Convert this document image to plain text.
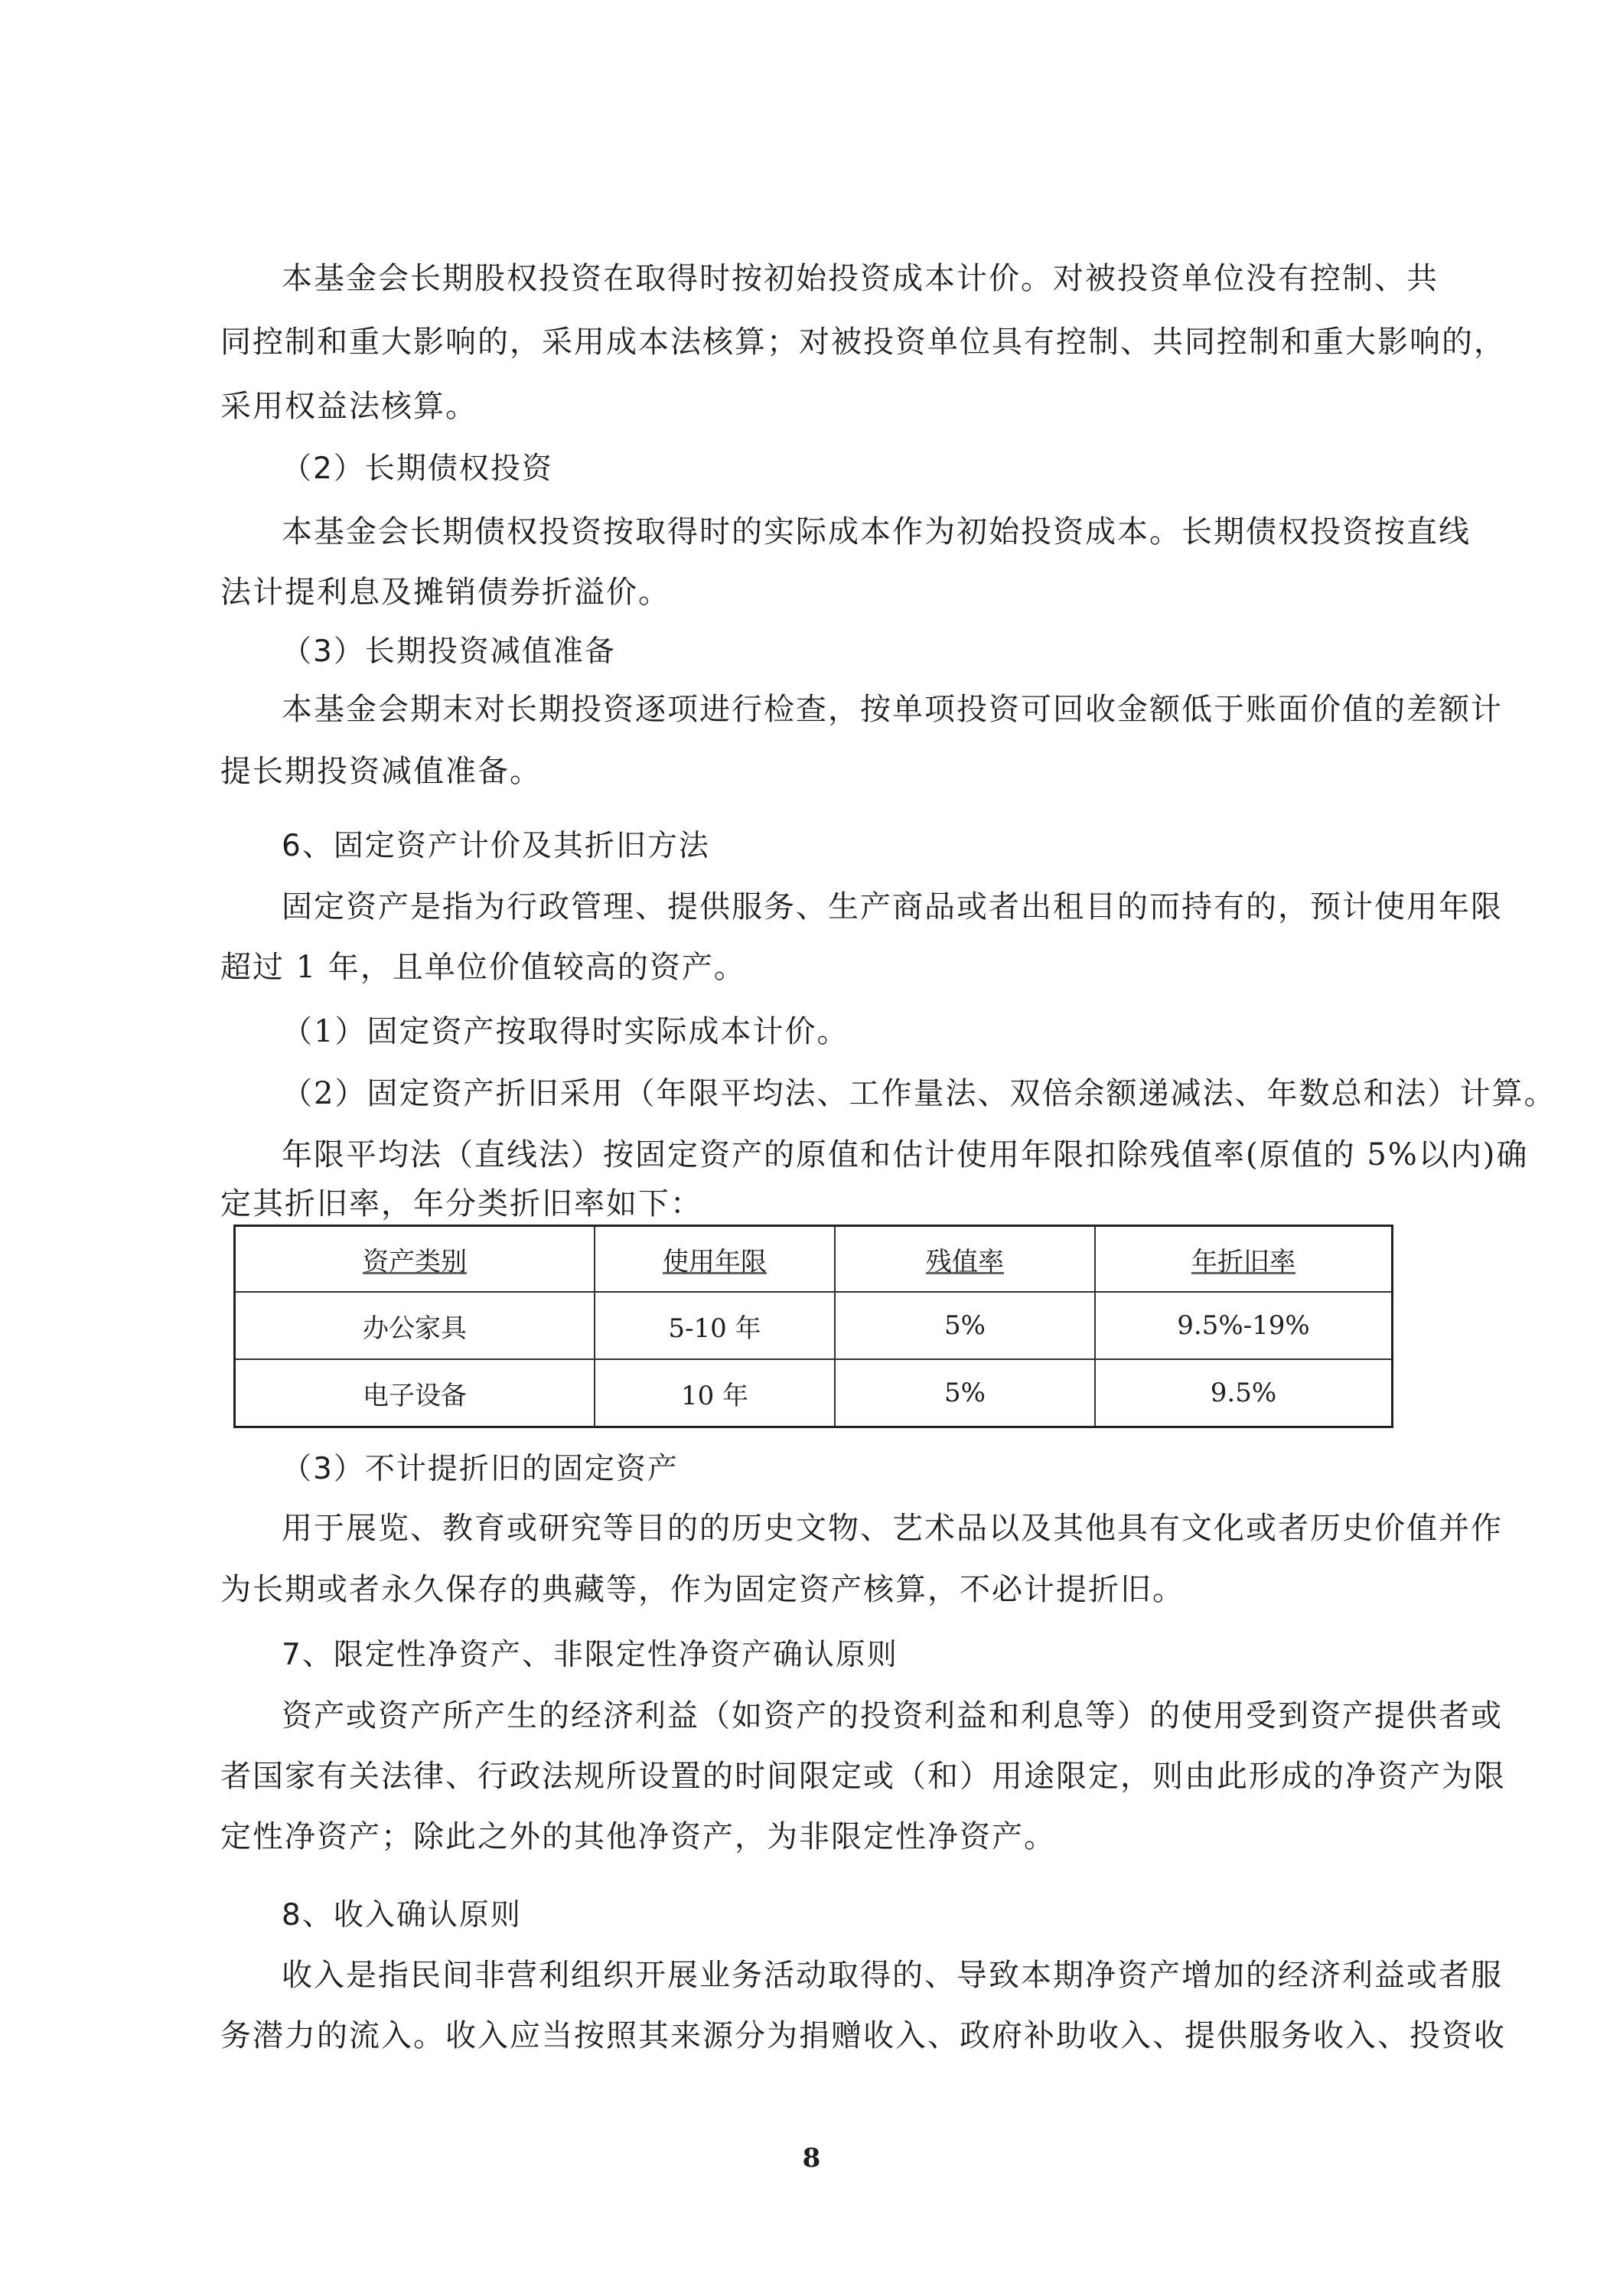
本基金会长期股权投资在取得时按初始投资成本计价。对被投资单位没有控制、共
同控制和重大影响的，采用成本法核算；对被投资单位具有控制、共同控制和重大影响的，
采用权益法核算。
（2）长期债权投资
本基金会长期债权投资按取得时的实际成本作为初始投资成本。长期债权投资按直线
法计提利息及摊销债券折溢价。
（3）长期投资减值准备
本基金会期末对长期投资逐项进行检查，按单项投资可回收金额低于账面价值的差额计
提长期投资减值准备。
6、固定资产计价及其折旧方法
固定资产是指为行政管理、提供服务、生产商品或者出租目的而持有的，预计使用年限
超过 1 年，且单位价值较高的资产。
（1）固定资产按取得时实际成本计价。
（2）固定资产折旧采用（年限平均法、工作量法、双倍余额递减法、年数总和法）计算。
年限平均法（直线法）按固定资产的原值和估计使用年限扣除残值率(原值的 5%以内)确
定其折旧率，年分类折旧率如下：
资产类别	使用年限	残值率	年折旧率
办公家具	5-10 年	5%	9.5%-19%
电子设备	10 年	5%	9.5%
（3）不计提折旧的固定资产
用于展览、教育或研究等目的的历史文物、艺术品以及其他具有文化或者历史价值并作
为长期或者永久保存的典藏等，作为固定资产核算，不必计提折旧。
7、限定性净资产、非限定性净资产确认原则
资产或资产所产生的经济利益（如资产的投资利益和利息等）的使用受到资产提供者或
者国家有关法律、行政法规所设置的时间限定或（和）用途限定，则由此形成的净资产为限
定性净资产；除此之外的其他净资产，为非限定性净资产。
8、收入确认原则
收入是指民间非营利组织开展业务活动取得的、导致本期净资产增加的经济利益或者服
务潜力的流入。收入应当按照其来源分为捐赠收入、政府补助收入、提供服务收入、投资收
8
